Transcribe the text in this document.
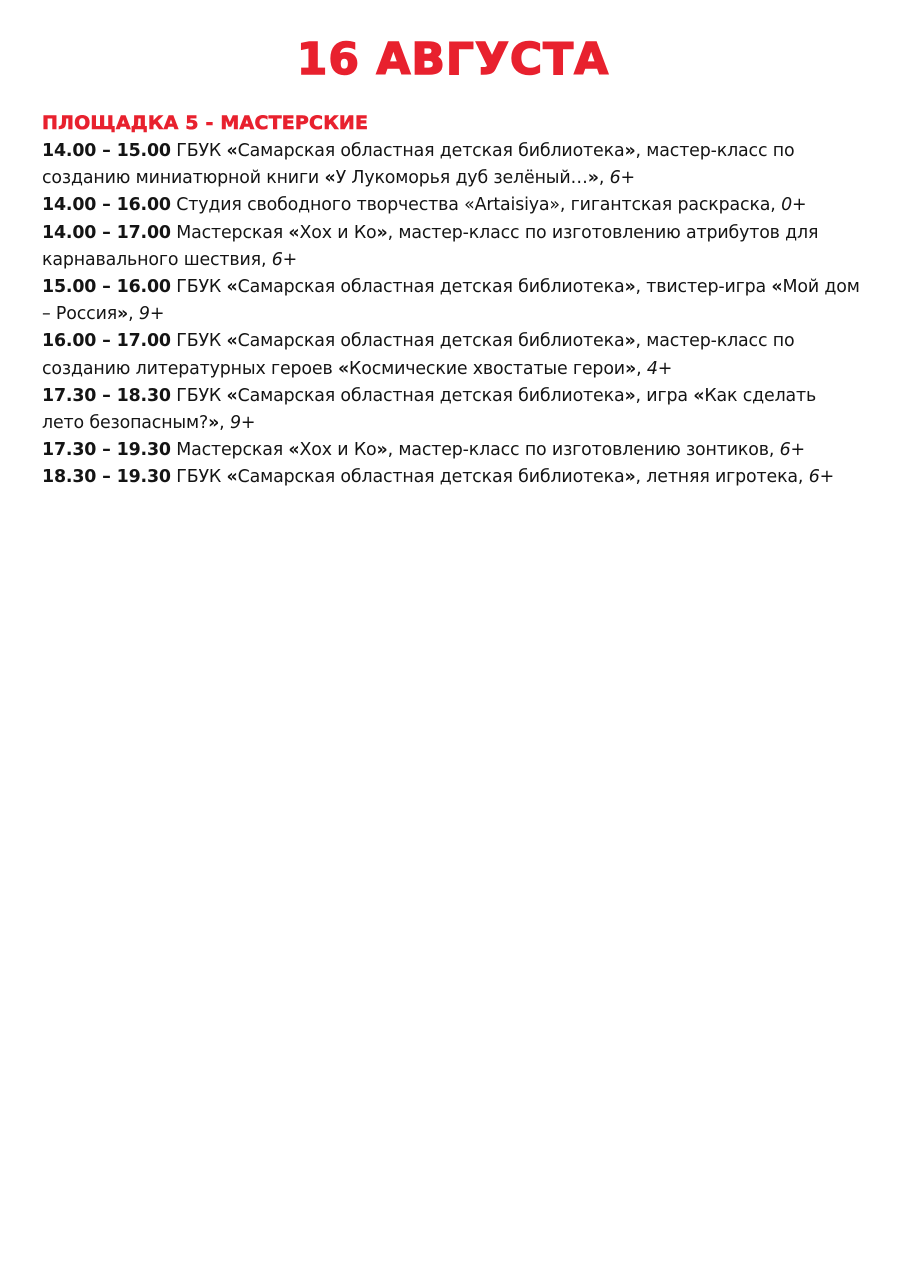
16 АВГУСТА
ПЛОЩАДКА 5 - МАСТЕРСКИЕ
14.00 – 15.00 ГБУК «Самарская областная детская библиотека», мастер-класс по созданию миниатюрной книги «У Лукоморья дуб зелёный…», 6+
14.00 – 16.00 Студия свободного творчества «Artaisiya», гигантская раскраска, 0+
14.00 – 17.00 Мастерская «Хох и Ко», мастер-класс по изготовлению атрибутов для карнавального шествия, 6+
15.00 – 16.00 ГБУК «Самарская областная детская библиотека», твистер-игра «Мой дом – Россия», 9+
16.00 – 17.00 ГБУК «Самарская областная детская библиотека», мастер-класс по созданию литературных героев «Космические хвостатые герои», 4+
17.30 – 18.30 ГБУК «Самарская областная детская библиотека», игра «Как сделать лето безопасным?», 9+
17.30 – 19.30 Мастерская «Хох и Ко», мастер-класс по изготовлению зонтиков, 6+
18.30 – 19.30 ГБУК «Самарская областная детская библиотека», летняя игротека, 6+
